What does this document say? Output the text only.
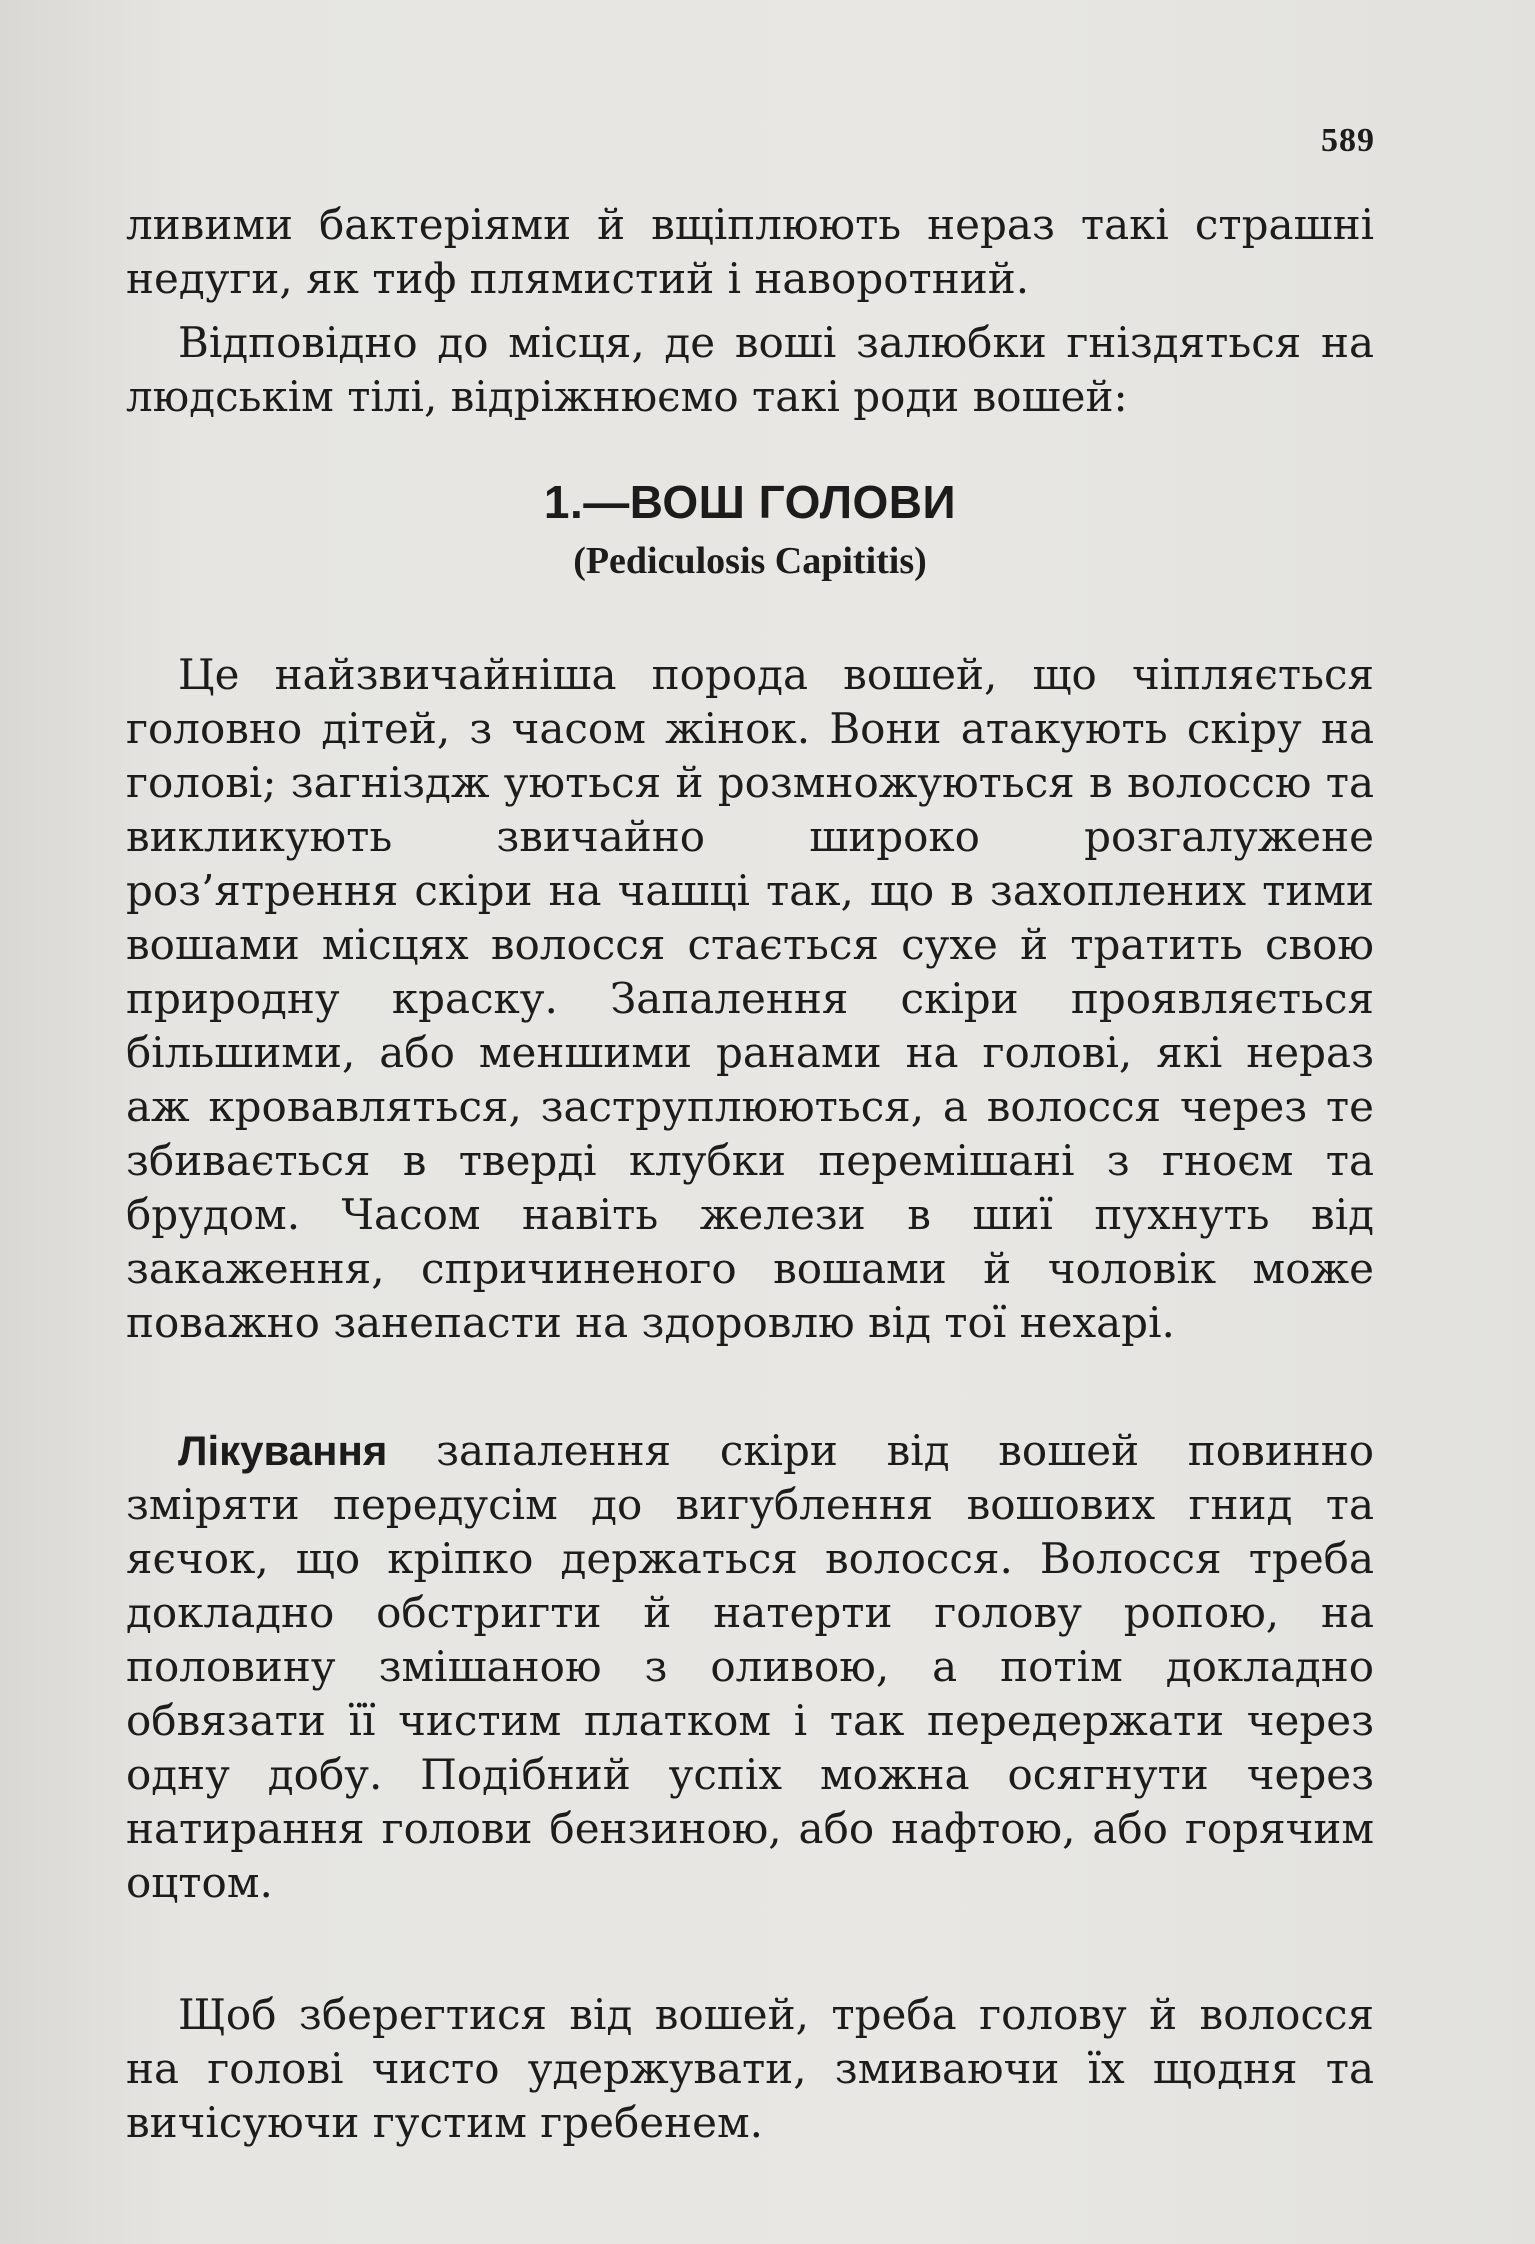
589

ливими бактеріями й вщіплюють нераз такі страшні недуги, як тиф плямистий і наворотний.

Відповідно до місця, де воші залюбки гніздяться на людськім тілі, відріжнюємо такі роди вошей:

1.—ВОШ ГОЛОВИ
(Pediculosis Capititis)

Це найзвичайніша порода вошей, що чіпляється головно дітей, з часом жінок. Вони атакують скіру на голові; загніздж уються й розмножуються в волоссю та викликують звичайно широко розгалужене роз’ятрення скіри на чашці так, що в захоплених тими вошами місцях волосся стається сухе й тратить свою природну краску. Запалення скіри проявляється більшими, або меншими ранами на голові, які нераз аж кровавляться, заструплюються, а волосся через те збивається в тверді клубки перемішані з гноєм та брудом. Часом навіть желези в шиї пухнуть від закаження, спричиненого вошами й чоловік може поважно занепасти на здоровлю від тої нехарі.

Лікування запалення скіри від вошей повинно зміряти передусім до вигублення вошових гнид та яєчок, що кріпко держаться волосся. Волосся треба докладно обстригти й натерти голову ропою, на половину змішаною з оливою, а потім докладно обвязати її чистим платком і так передержати через одну добу. Подібний успіх можна осягнути через натирання голови бензиною, або нафтою, або горячим оцтом.

Щоб зберегтися від вошей, треба голову й волосся на голові чисто удержувати, змиваючи їх щодня та вичісуючи густим гребенем.
